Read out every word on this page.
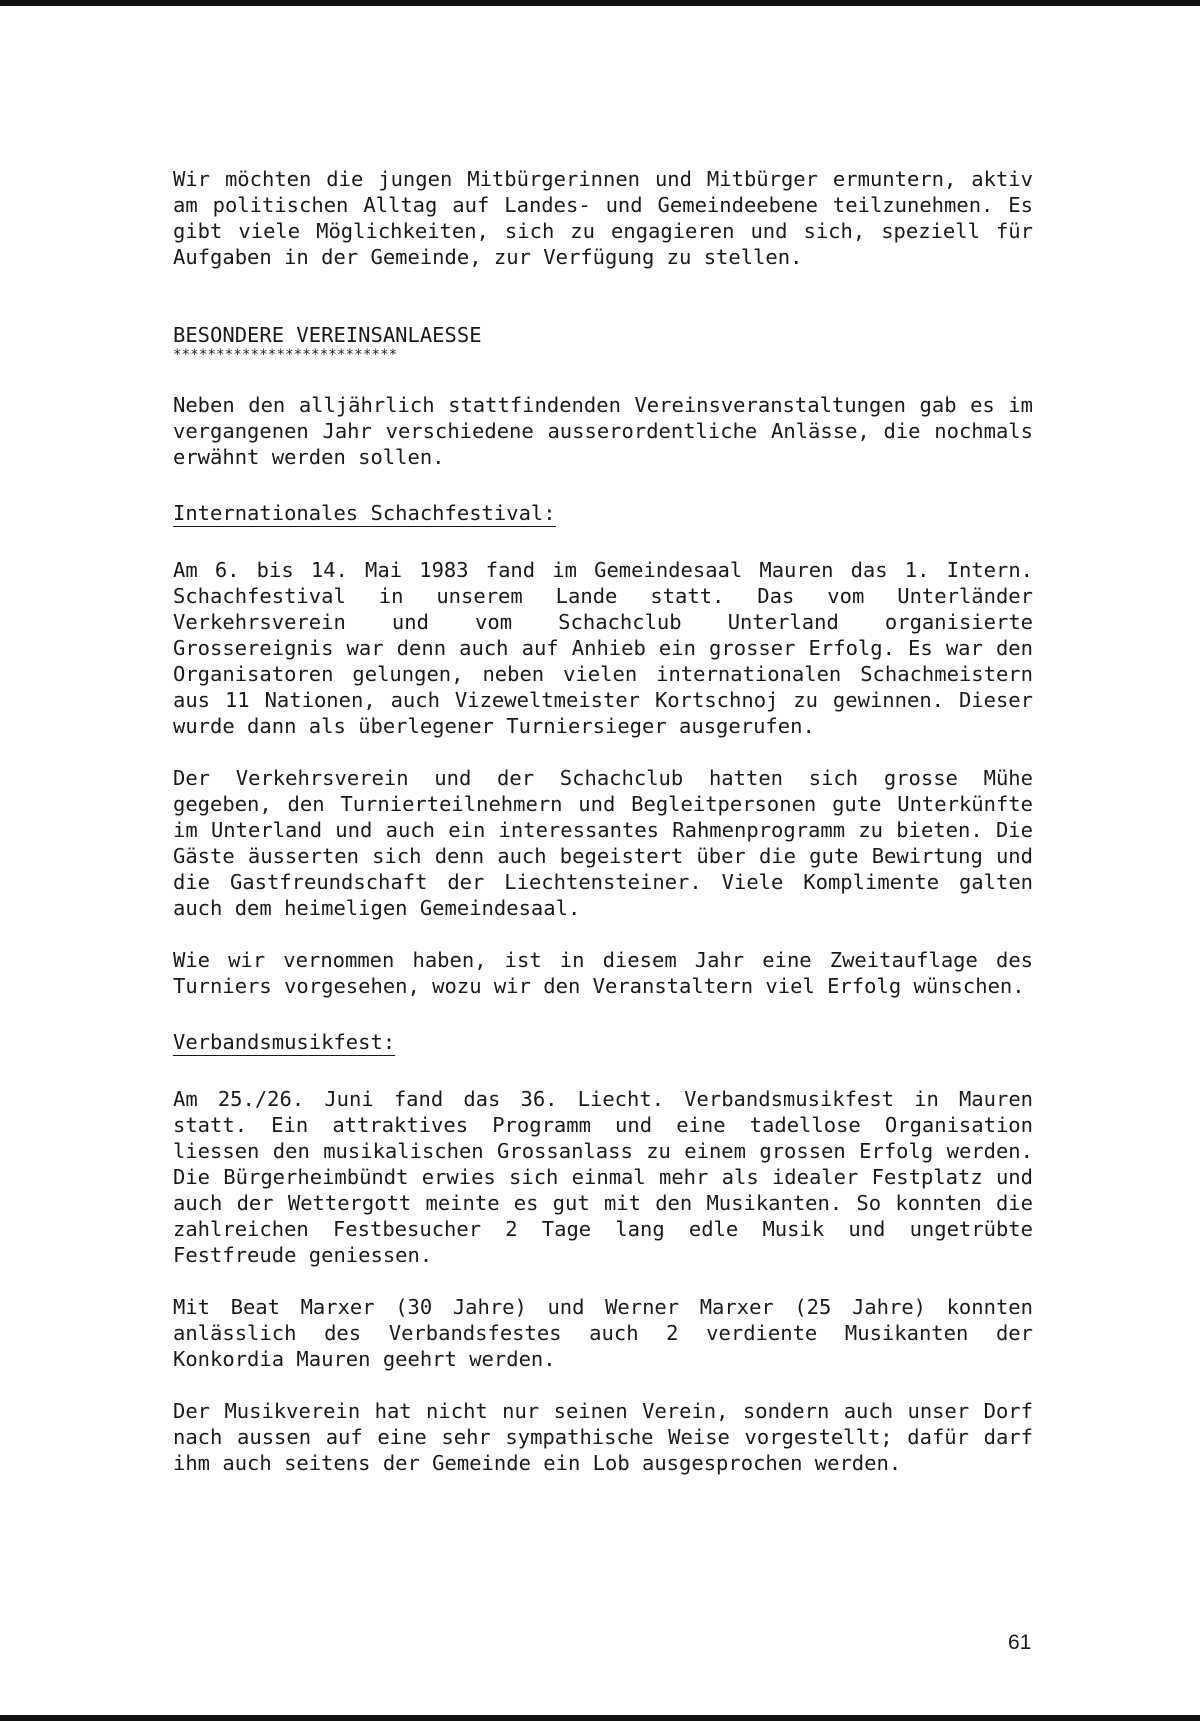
Wir möchten die jungen Mitbürgerinnen und Mitbürger ermuntern, aktiv am politischen Alltag auf Landes- und Gemeindeebene teilzunehmen. Es gibt viele Möglichkeiten, sich zu engagieren und sich, speziell für Aufgaben in der Gemeinde, zur Verfügung zu stellen.

BESONDERE VEREINSANLAESSE

**************************

Neben den alljährlich stattfindenden Vereinsveranstaltungen gab es im vergangenen Jahr verschiedene ausserordentliche Anlässe, die nochmals erwähnt werden sollen.

Internationales Schachfestival:

Am 6. bis 14. Mai 1983 fand im Gemeindesaal Mauren das 1. Intern. Schachfestival in unserem Lande statt. Das vom Unterländer Verkehrsverein und vom Schachclub Unterland organisierte Grossereignis war denn auch auf Anhieb ein grosser Erfolg. Es war den Organisatoren gelungen, neben vielen internationalen Schachmeistern aus 11 Nationen, auch Vizeweltmeister Kortschnoj zu gewinnen. Dieser wurde dann als überlegener Turniersieger ausgerufen.

Der Verkehrsverein und der Schachclub hatten sich grosse Mühe gegeben, den Turnierteilnehmern und Begleitpersonen gute Unterkünfte im Unterland und auch ein interessantes Rahmenprogramm zu bieten. Die Gäste äusserten sich denn auch begeistert über die gute Bewirtung und die Gastfreundschaft der Liechtensteiner. Viele Komplimente galten auch dem heimeligen Gemeindesaal.

Wie wir vernommen haben, ist in diesem Jahr eine Zweitauflage des Turniers vorgesehen, wozu wir den Veranstaltern viel Erfolg wünschen.

Verbandsmusikfest:

Am 25./26. Juni fand das 36. Liecht. Verbandsmusikfest in Mauren statt. Ein attraktives Programm und eine tadellose Organisation liessen den musikalischen Grossanlass zu einem grossen Erfolg werden. Die Bürgerheimbündt erwies sich einmal mehr als idealer Festplatz und auch der Wettergott meinte es gut mit den Musikanten. So konnten die zahlreichen Festbesucher 2 Tage lang edle Musik und ungetrübte Festfreude geniessen.

Mit Beat Marxer (30 Jahre) und Werner Marxer (25 Jahre) konnten anlässlich des Verbandsfestes auch 2 verdiente Musikanten der Konkordia Mauren geehrt werden.

Der Musikverein hat nicht nur seinen Verein, sondern auch unser Dorf nach aussen auf eine sehr sympathische Weise vorgestellt; dafür darf ihm auch seitens der Gemeinde ein Lob ausgesprochen werden.

61
